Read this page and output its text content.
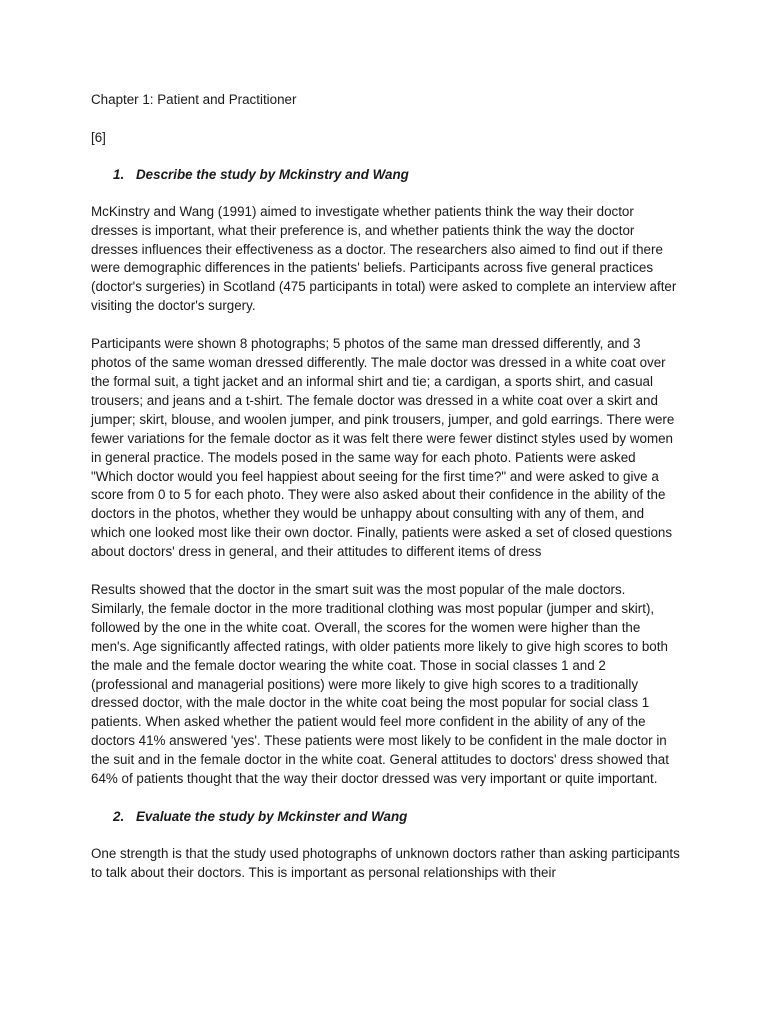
Chapter 1: Patient and Practitioner

[6]

1. Describe the study by Mckinstry and Wang

McKinstry and Wang (1991) aimed to investigate whether patients think the way their doctor dresses is important, what their preference is, and whether patients think the way the doctor dresses influences their effectiveness as a doctor. The researchers also aimed to find out if there were demographic differences in the patients' beliefs. Participants across five general practices (doctor's surgeries) in Scotland (475 participants in total) were asked to complete an interview after visiting the doctor's surgery.

Participants were shown 8 photographs; 5 photos of the same man dressed differently, and 3 photos of the same woman dressed differently. The male doctor was dressed in a white coat over the formal suit, a tight jacket and an informal shirt and tie; a cardigan, a sports shirt, and casual trousers; and jeans and a t-shirt. The female doctor was dressed in a white coat over a skirt and jumper; skirt, blouse, and woolen jumper, and pink trousers, jumper, and gold earrings. There were fewer variations for the female doctor as it was felt there were fewer distinct styles used by women in general practice. The models posed in the same way for each photo. Patients were asked "Which doctor would you feel happiest about seeing for the first time?" and were asked to give a score from 0 to 5 for each photo. They were also asked about their confidence in the ability of the doctors in the photos, whether they would be unhappy about consulting with any of them, and which one looked most like their own doctor. Finally, patients were asked a set of closed questions about doctors' dress in general, and their attitudes to different items of dress

Results showed that the doctor in the smart suit was the most popular of the male doctors. Similarly, the female doctor in the more traditional clothing was most popular (jumper and skirt), followed by the one in the white coat. Overall, the scores for the women were higher than the men's. Age significantly affected ratings, with older patients more likely to give high scores to both the male and the female doctor wearing the white coat. Those in social classes 1 and 2 (professional and managerial positions) were more likely to give high scores to a traditionally dressed doctor, with the male doctor in the white coat being the most popular for social class 1 patients. When asked whether the patient would feel more confident in the ability of any of the doctors 41% answered 'yes'. These patients were most likely to be confident in the male doctor in the suit and in the female doctor in the white coat. General attitudes to doctors' dress showed that 64% of patients thought that the way their doctor dressed was very important or quite important.

2. Evaluate the study by Mckinster and Wang

One strength is that the study used photographs of unknown doctors rather than asking participants to talk about their doctors. This is important as personal relationships with their
